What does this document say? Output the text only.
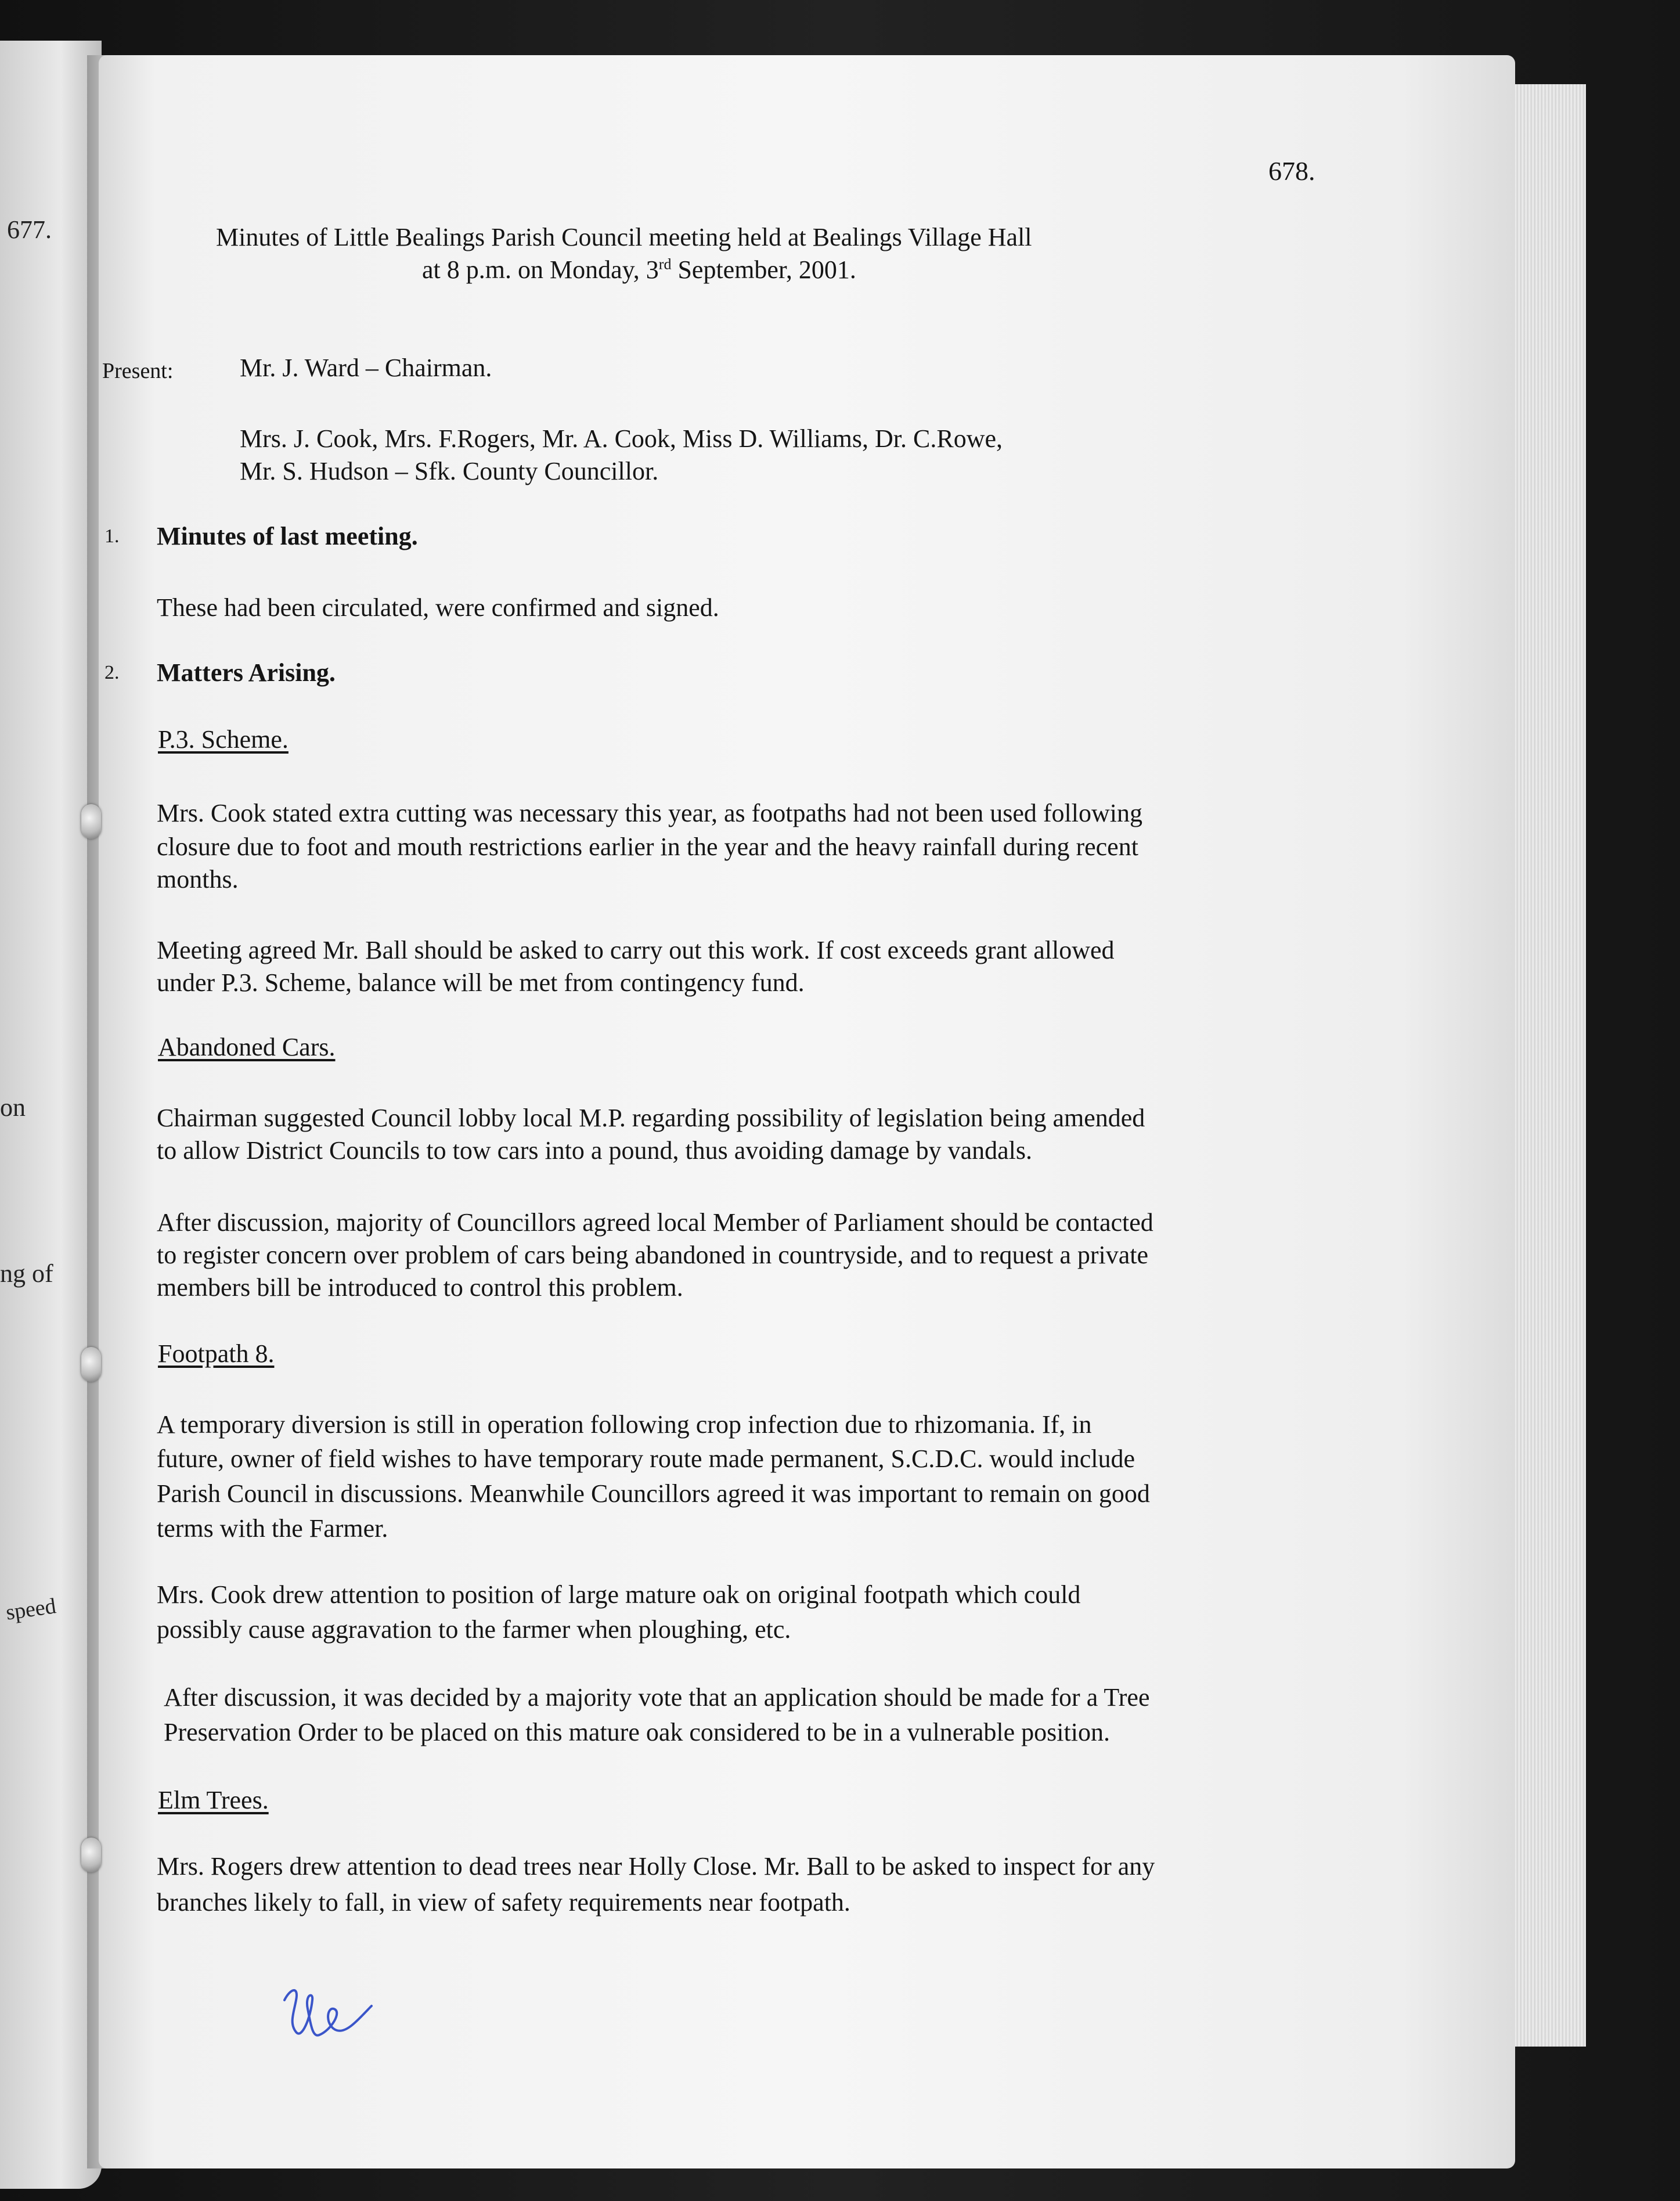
677.
on
ng of
speed
678.
Minutes of Little Bealings Parish Council meeting held at Bealings Village Hall
at 8 p.m. on Monday, 3rd September, 2001.
Present:	Mr. J. Ward – Chairman.
Mrs. J. Cook, Mrs. F.Rogers, Mr. A. Cook, Miss D. Williams, Dr. C.Rowe,
Mr. S. Hudson – Sfk. County Councillor.
1. Minutes of last meeting.
These had been circulated, were confirmed and signed.
2. Matters Arising.
P.3. Scheme.
Mrs. Cook stated extra cutting was necessary this year, as footpaths had not been used following
closure due to foot and mouth restrictions earlier in the year and the heavy rainfall during recent
months.
Meeting agreed Mr. Ball should be asked to carry out this work. If cost exceeds grant allowed
under P.3. Scheme, balance will be met from contingency fund.
Abandoned Cars.
Chairman suggested Council lobby local M.P. regarding possibility of legislation being amended
to allow District Councils to tow cars into a pound, thus avoiding damage by vandals.
After discussion, majority of Councillors agreed local Member of Parliament should be contacted
to register concern over problem of cars being abandoned in countryside, and to request a private
members bill be introduced to control this problem.
Footpath 8.
A temporary diversion is still in operation following crop infection due to rhizomania. If, in
future, owner of field wishes to have temporary route made permanent, S.C.D.C. would include
Parish Council in discussions. Meanwhile Councillors agreed it was important to remain on good
terms with the Farmer.
Mrs. Cook drew attention to position of large mature oak on original footpath which could
possibly cause aggravation to the farmer when ploughing, etc.
After discussion, it was decided by a majority vote that an application should be made for a Tree
Preservation Order to be placed on this mature oak considered to be in a vulnerable position.
Elm Trees.
Mrs. Rogers drew attention to dead trees near Holly Close. Mr. Ball to be asked to inspect for any
branches likely to fall, in view of safety requirements near footpath.
